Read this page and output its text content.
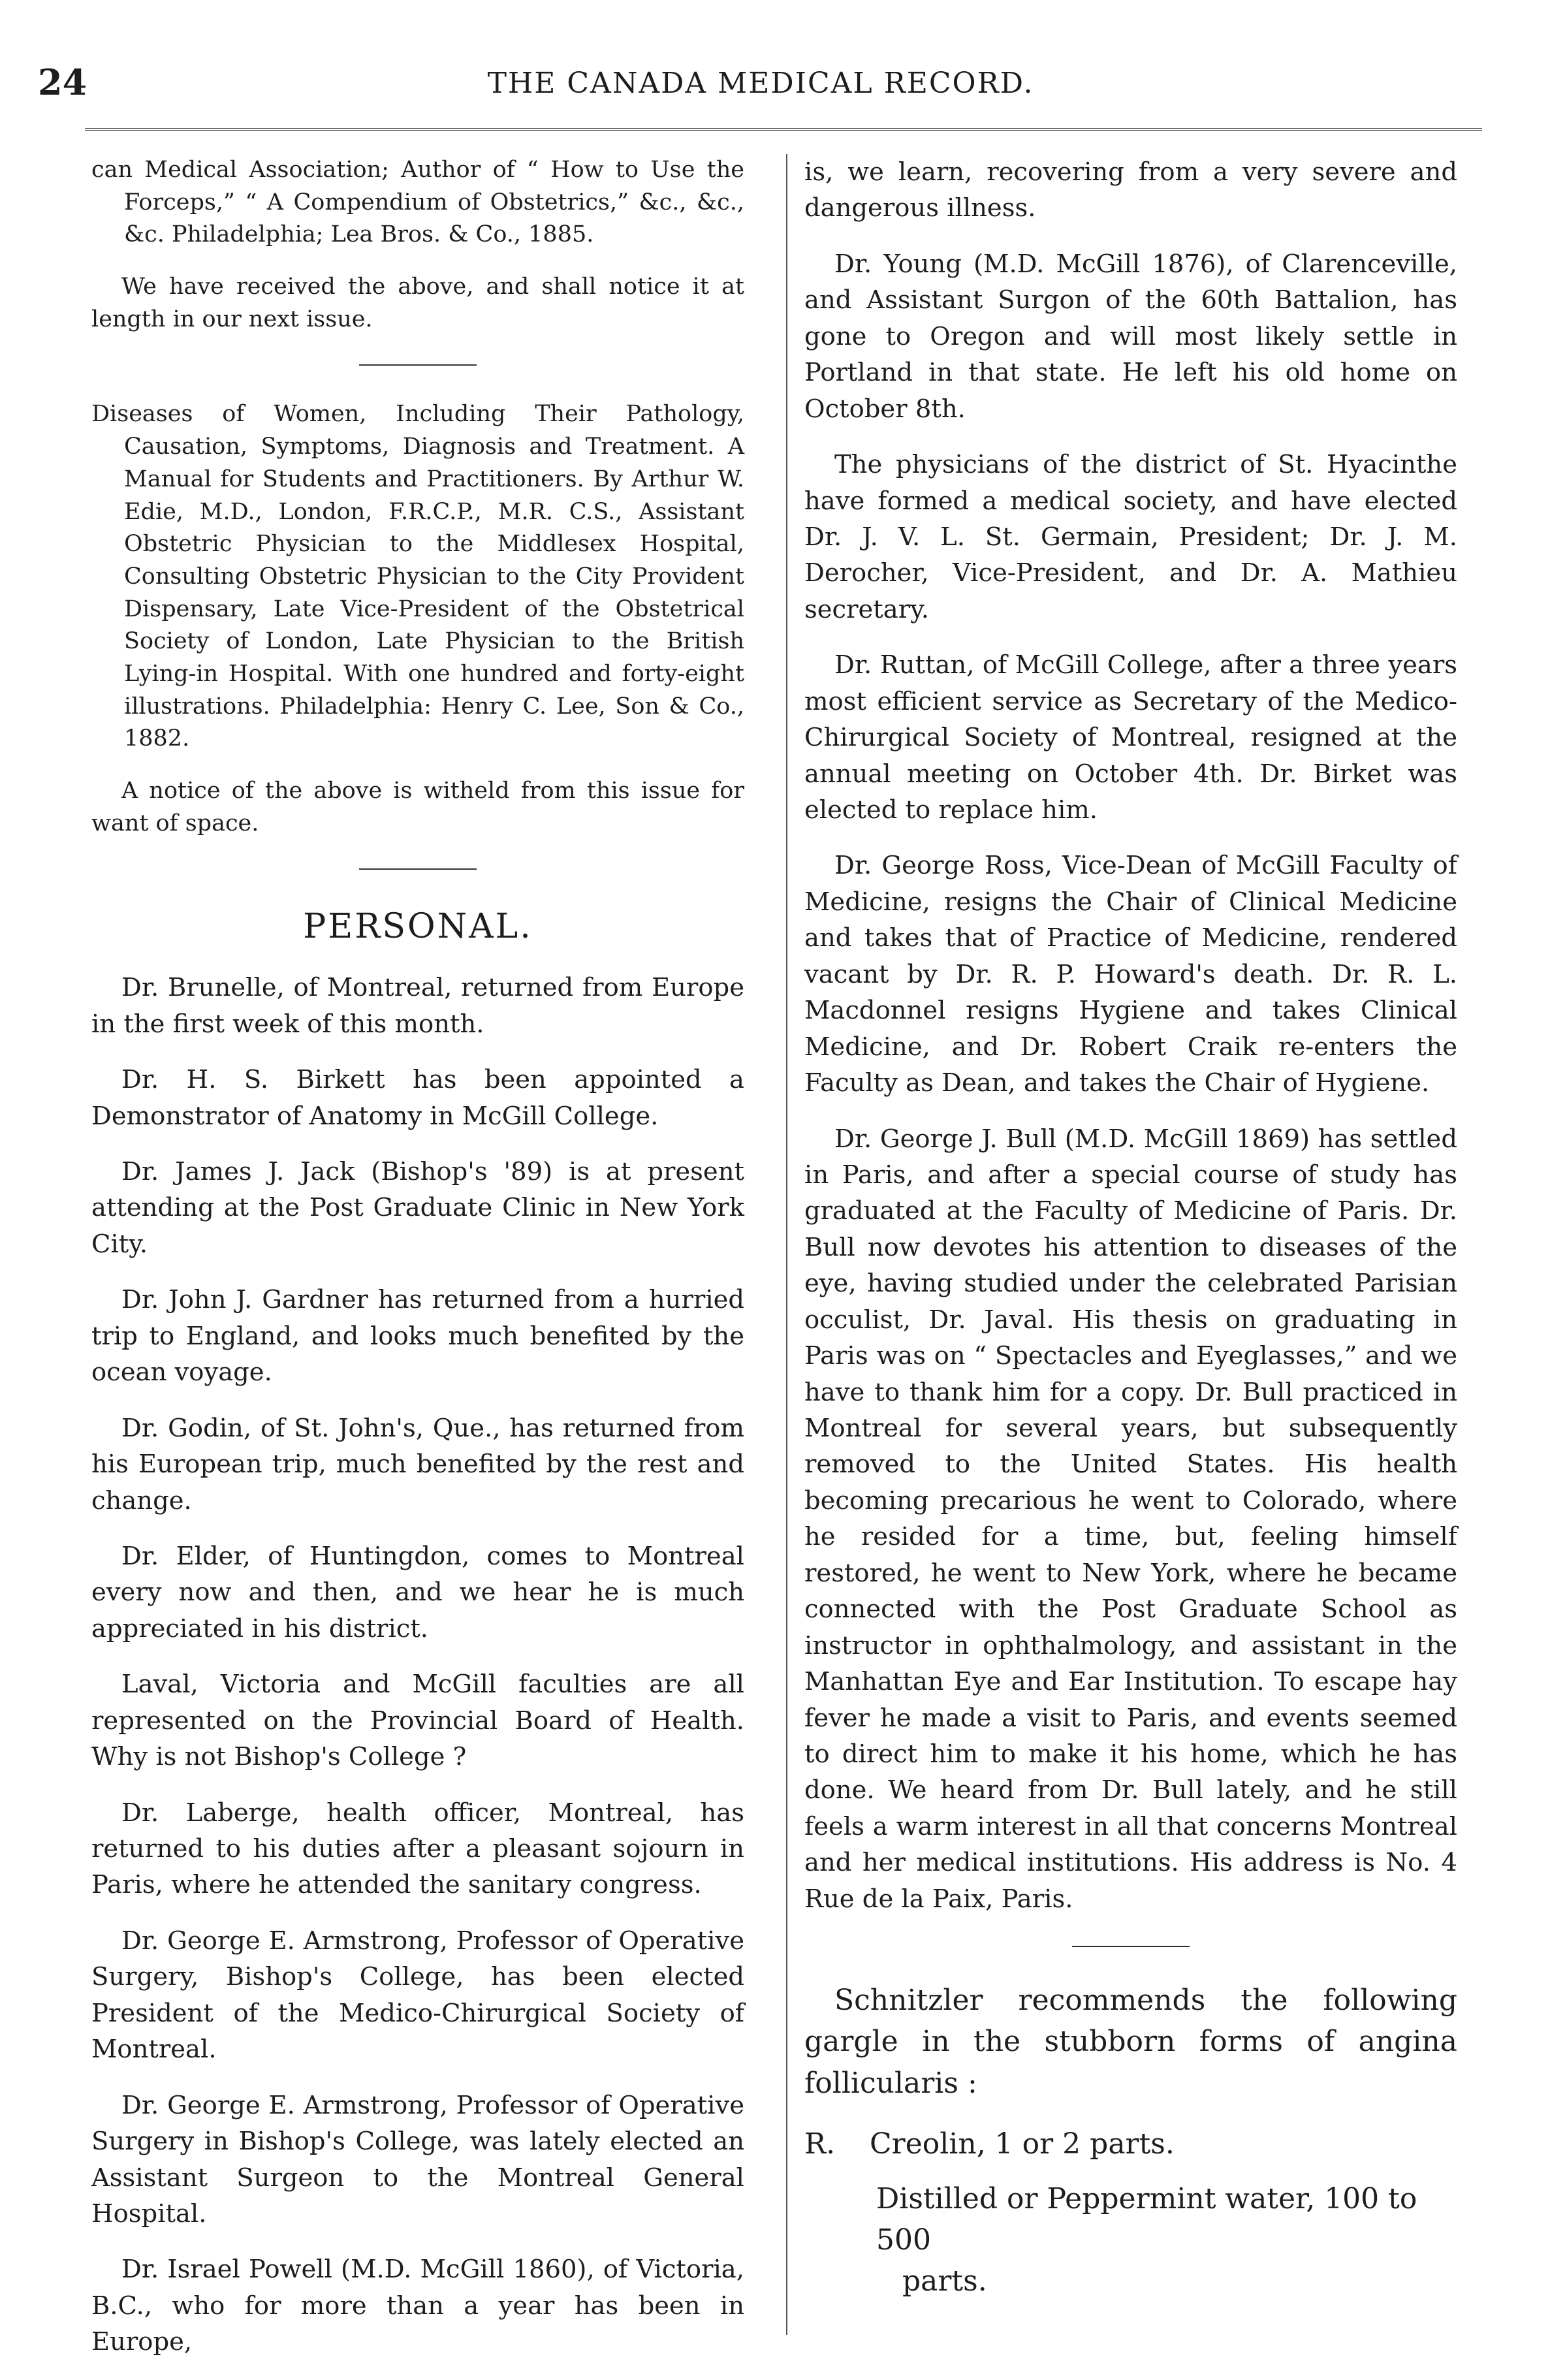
24	THE CANADA MEDICAL RECORD.

can Medical Association; Author of “ How to Use the Forceps,” “ A Compendium of Obstetrics,” &c., &c., &c. Philadelphia; Lea Bros. & Co., 1885.

We have received the above, and shall notice it at length in our next issue.

Diseases of Women, Including Their Pathology, Causation, Symptoms, Diagnosis and Treatment. A Manual for Students and Practitioners. By Arthur W. Edie, M.D., London, F.R.C.P., M.R. C.S., Assistant Obstetric Physician to the Middlesex Hospital, Consulting Obstetric Physician to the City Provident Dispensary, Late Vice-President of the Obstetrical Society of London, Late Physician to the British Lying-in Hospital. With one hundred and forty-eight illustrations. Philadelphia: Henry C. Lee, Son & Co., 1882.

A notice of the above is witheld from this issue for want of space.

PERSONAL.

Dr. Brunelle, of Montreal, returned from Europe in the first week of this month.

Dr. H. S. Birkett has been appointed a Demonstrator of Anatomy in McGill College.

Dr. James J. Jack (Bishop's '89) is at present attending at the Post Graduate Clinic in New York City.

Dr. John J. Gardner has returned from a hurried trip to England, and looks much benefited by the ocean voyage.

Dr. Godin, of St. John's, Que., has returned from his European trip, much benefited by the rest and change.

Dr. Elder, of Huntingdon, comes to Montreal every now and then, and we hear he is much appreciated in his district.

Laval, Victoria and McGill faculties are all represented on the Provincial Board of Health. Why is not Bishop's College ?

Dr. Laberge, health officer, Montreal, has returned to his duties after a pleasant sojourn in Paris, where he attended the sanitary congress.

Dr. George E. Armstrong, Professor of Operative Surgery, Bishop's College, has been elected President of the Medico-Chirurgical Society of Montreal.

Dr. George E. Armstrong, Professor of Operative Surgery in Bishop's College, was lately elected an Assistant Surgeon to the Montreal General Hospital.

Dr. Israel Powell (M.D. McGill 1860), of Victoria, B.C., who for more than a year has been in Europe,

is, we learn, recovering from a very severe and dangerous illness.

Dr. Young (M.D. McGill 1876), of Clarenceville, and Assistant Surgon of the 60th Battalion, has gone to Oregon and will most likely settle in Portland in that state. He left his old home on October 8th.

The physicians of the district of St. Hyacinthe have formed a medical society, and have elected Dr. J. V. L. St. Germain, President; Dr. J. M. Derocher, Vice-President, and Dr. A. Mathieu secretary.

Dr. Ruttan, of McGill College, after a three years most efficient service as Secretary of the Medico-Chirurgical Society of Montreal, resigned at the annual meeting on October 4th. Dr. Birket was elected to replace him.

Dr. George Ross, Vice-Dean of McGill Faculty of Medicine, resigns the Chair of Clinical Medicine and takes that of Practice of Medicine, rendered vacant by Dr. R. P. Howard's death. Dr. R. L. Macdonnel resigns Hygiene and takes Clinical Medicine, and Dr. Robert Craik re-enters the Faculty as Dean, and takes the Chair of Hygiene.

Dr. George J. Bull (M.D. McGill 1869) has settled in Paris, and after a special course of study has graduated at the Faculty of Medicine of Paris. Dr. Bull now devotes his attention to diseases of the eye, having studied under the celebrated Parisian occulist, Dr. Javal. His thesis on graduating in Paris was on “ Spectacles and Eyeglasses,” and we have to thank him for a copy. Dr. Bull practiced in Montreal for several years, but subsequently removed to the United States. His health becoming precarious he went to Colorado, where he resided for a time, but, feeling himself restored, he went to New York, where he became connected with the Post Graduate School as instructor in ophthalmology, and assistant in the Manhattan Eye and Ear Institution. To escape hay fever he made a visit to Paris, and events seemed to direct him to make it his home, which he has done. We heard from Dr. Bull lately, and he still feels a warm interest in all that concerns Montreal and her medical institutions. His address is No. 4 Rue de la Paix, Paris.

Schnitzler recommends the following gargle in the stubborn forms of angina follicularis :

R. Creolin, 1 or 2 parts.
Distilled or Peppermint water, 100 to 500
parts.
